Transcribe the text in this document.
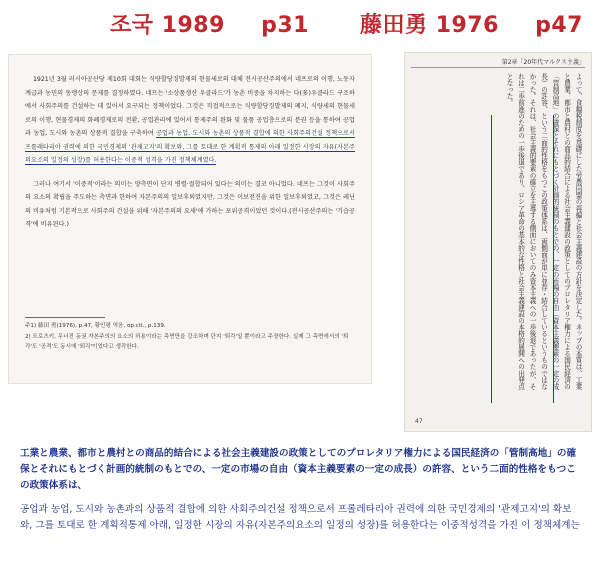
조국 1989 p31 藤田勇 1976 p47

1921년 3월 러시아공산당 제10회 대회는 식량할당징발제의 현물세로의 대체 전시공산주의에서 네프로의 이행, 노동자계급과 농민의 동맹상의 문제를 결정하였다. 네프는 '소상품생산 우클라드'가 농촌 비중을 차지하는 다(多)우클라드 구조하에서 사회주의를 건설하는 데 있어서 요구되는 정책이었다. 그것은 직접적으로는 식량할당징발제의 폐지, 식량세의 현물세로의 이행, 현물경제의 화폐경제로의 전환, 공업관리에 있어서 통제주의 완화 및 물품 공업층으로의 분권 등을 통하여 공업과 농업, 도시와 농촌의 상품적 결합을 구축하여 공업과 농업, 도시와 농촌의 상품적 결합에 의한 사회주의건설 정책으로서 프롤레타리아 권력에 의한 국민경제의 '관제고지'의 확보와, 그를 토대로 한 계획적 통제의 아래 일정한 시장의 자유(자본주의요소의 일정의 성장)를 허용한다는 이중적 성격을 가진 정책체계였다.

그러나 여기서 '이중적'이라는 의미는 양측면이 단지 병렬·절합되어 있다는 의미는 결코 아니었다. 네프는 그것이 사회주의 요소의 확립을 주도하는 측면과 한하여 자본주의의 일보후퇴였지만, 그것은 이보전진을 위한 일보후퇴였고, 그것은 레닌의 비유처럼 기본적으로 사회주의 건설을 위해 '자본주의의 요새'에 가하는 포위공격이었던 것이다.(전시공산주의는 '기습공격'에 비유된다.)

주1) 藤田 勇(1976), p.47, 황인평 역음, op.cit., p.139.
2) 트로츠키, 무너진 동권 자본주의의 요소의 허용이라는 측면만을 강조하며 단지 '퇴각'일 뿐이라고 주장한다. 실제 그 측면에서의 '퇴각'도 '공격'도 동시에 '퇴각'이었다고 생각한다.
第2章「20年代マルクス主義」
よって、食糧税制度を基礎にした労農同盟の再編と社会主義建設の方針を決定した。ネップの本質は、工業と農業、都市と農村との商品的結合による社会主義建設の政策としてのプロレタリア権力による国民経済の「管制高地」の確保とそれにもとづく計画的統制のもとでの、一定の市場の自由（資本主義要素の一定の成長）の許容、という二面的性格をもつこの政策体系は、両側面が単に並存・結合しているというものではなかった。それは、社会主義的要素の確立を主導する側面においてのみ資本主義への一歩後退であったが、それは二歩前進のための一歩後退であり、ロシア革命の基本的な性格と社会主義建設の本格的展開への出発点となった。
47
工業と農業、都市と農村との商品的結合による社会主義建設の政策としてのプロレタリア権力による国民経済の「管制高地」の確保とそれにもとづく計画的統制のもとでの、一定の市場の自由（資本主義要素の一定の成長）の許容、という二面的性格をもつこの政策体系は、
공업과 농업, 도시와 농촌과의 상품적 결합에 의한 사회주의건설 정책으로서 프롤레타리아 권력에 의한 국민경제의 '관제고지'의 확보와, 그를 토대로 한 계획적통제 아래, 일정한 시장의 자유(자본주의요소의 일정의 성장)를 허용한다는 이중적성격을 가진 이 정책체계는
